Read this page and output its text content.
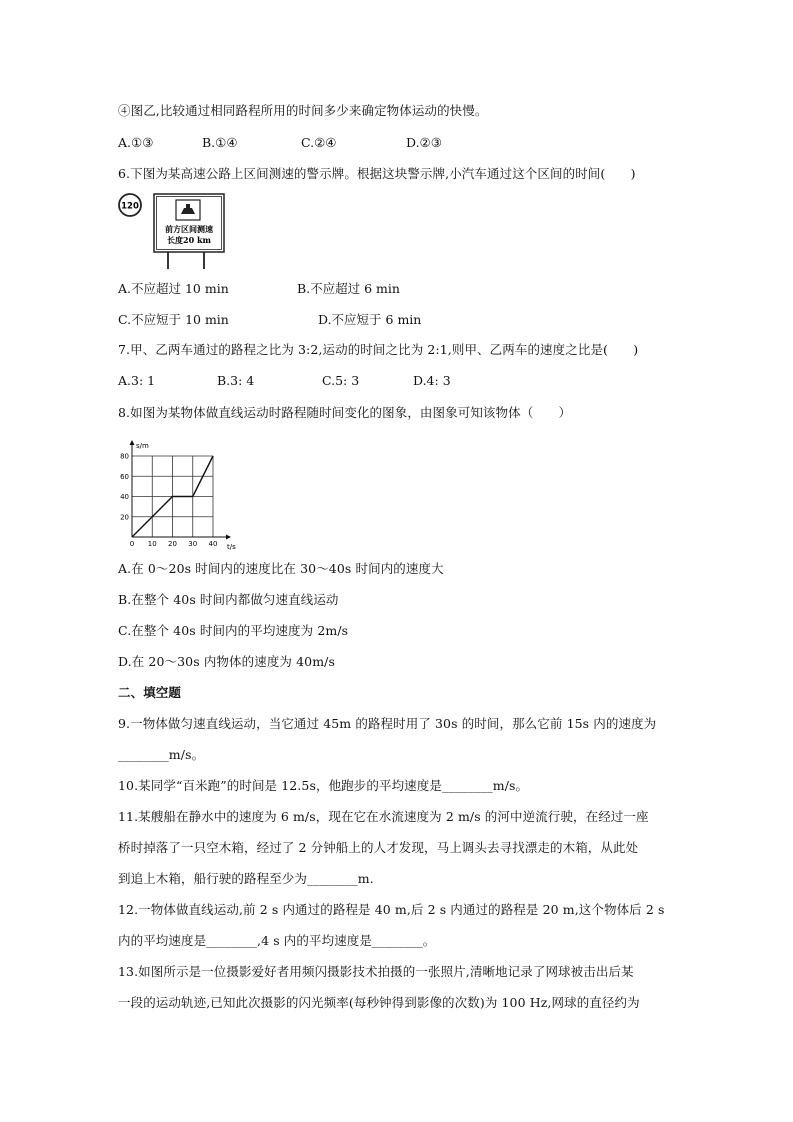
④图乙,比较通过相同路程所用的时间多少来确定物体运动的快慢。
A.①③	B.①④	C.②④	D.②③
6.下图为某高速公路上区间测速的警示牌。根据这块警示牌,小汽车通过这个区间的时间(　　)
120
前方区间测速
长度20 km
A.不应超过 10 min	B.不应超过 6 min
C.不应短于 10 min	D.不应短于 6 min
7.甲、乙两车通过的路程之比为 3:2,运动的时间之比为 2:1,则甲、乙两车的速度之比是(　　)
A.3: 1	B.3: 4	C.5: 3	D.4: 3
8.如图为某物体做直线运动时路程随时间变化的图象，由图象可知该物体（　　）
s/m
t/s
0 10 20 30 40
20
40
60
80
A.在 0～20s 时间内的速度比在 30～40s 时间内的速度大
B.在整个 40s 时间内都做匀速直线运动
C.在整个 40s 时间内的平均速度为 2m/s
D.在 20～30s 内物体的速度为 40m/s
二、填空题
9.一物体做匀速直线运动，当它通过 45m 的路程时用了 30s 的时间，那么它前 15s 内的速度为
________m/s。
10.某同学“百米跑”的时间是 12.5s，他跑步的平均速度是________m/s。
11.某艘船在静水中的速度为 6 m/s，现在它在水流速度为 2 m/s 的河中逆流行驶，在经过一座
桥时掉落了一只空木箱，经过了 2 分钟船上的人才发现，马上调头去寻找漂走的木箱，从此处
到追上木箱，船行驶的路程至少为________m.
12.一物体做直线运动,前 2 s 内通过的路程是 40 m,后 2 s 内通过的路程是 20 m,这个物体后 2 s
内的平均速度是________,4 s 内的平均速度是________。
13.如图所示是一位摄影爱好者用频闪摄影技术拍摄的一张照片,清晰地记录了网球被击出后某
一段的运动轨迹,已知此次摄影的闪光频率(每秒钟得到影像的次数)为 100 Hz,网球的直径约为
